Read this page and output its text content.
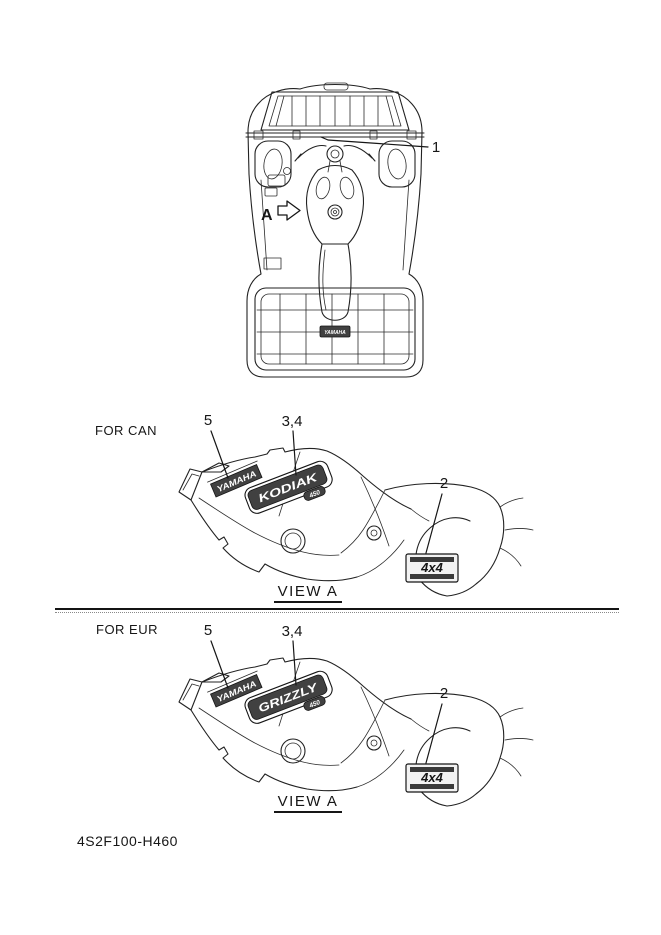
YAMAHA
1
A
FOR CAN
YAMAHA KODIAK 450
4x4
5	3,4
2
VIEW A
FOR EUR
YAMAHA GRIZZLY 450
4x4
5	3,4
2
VIEW A
4S2F100-H460
